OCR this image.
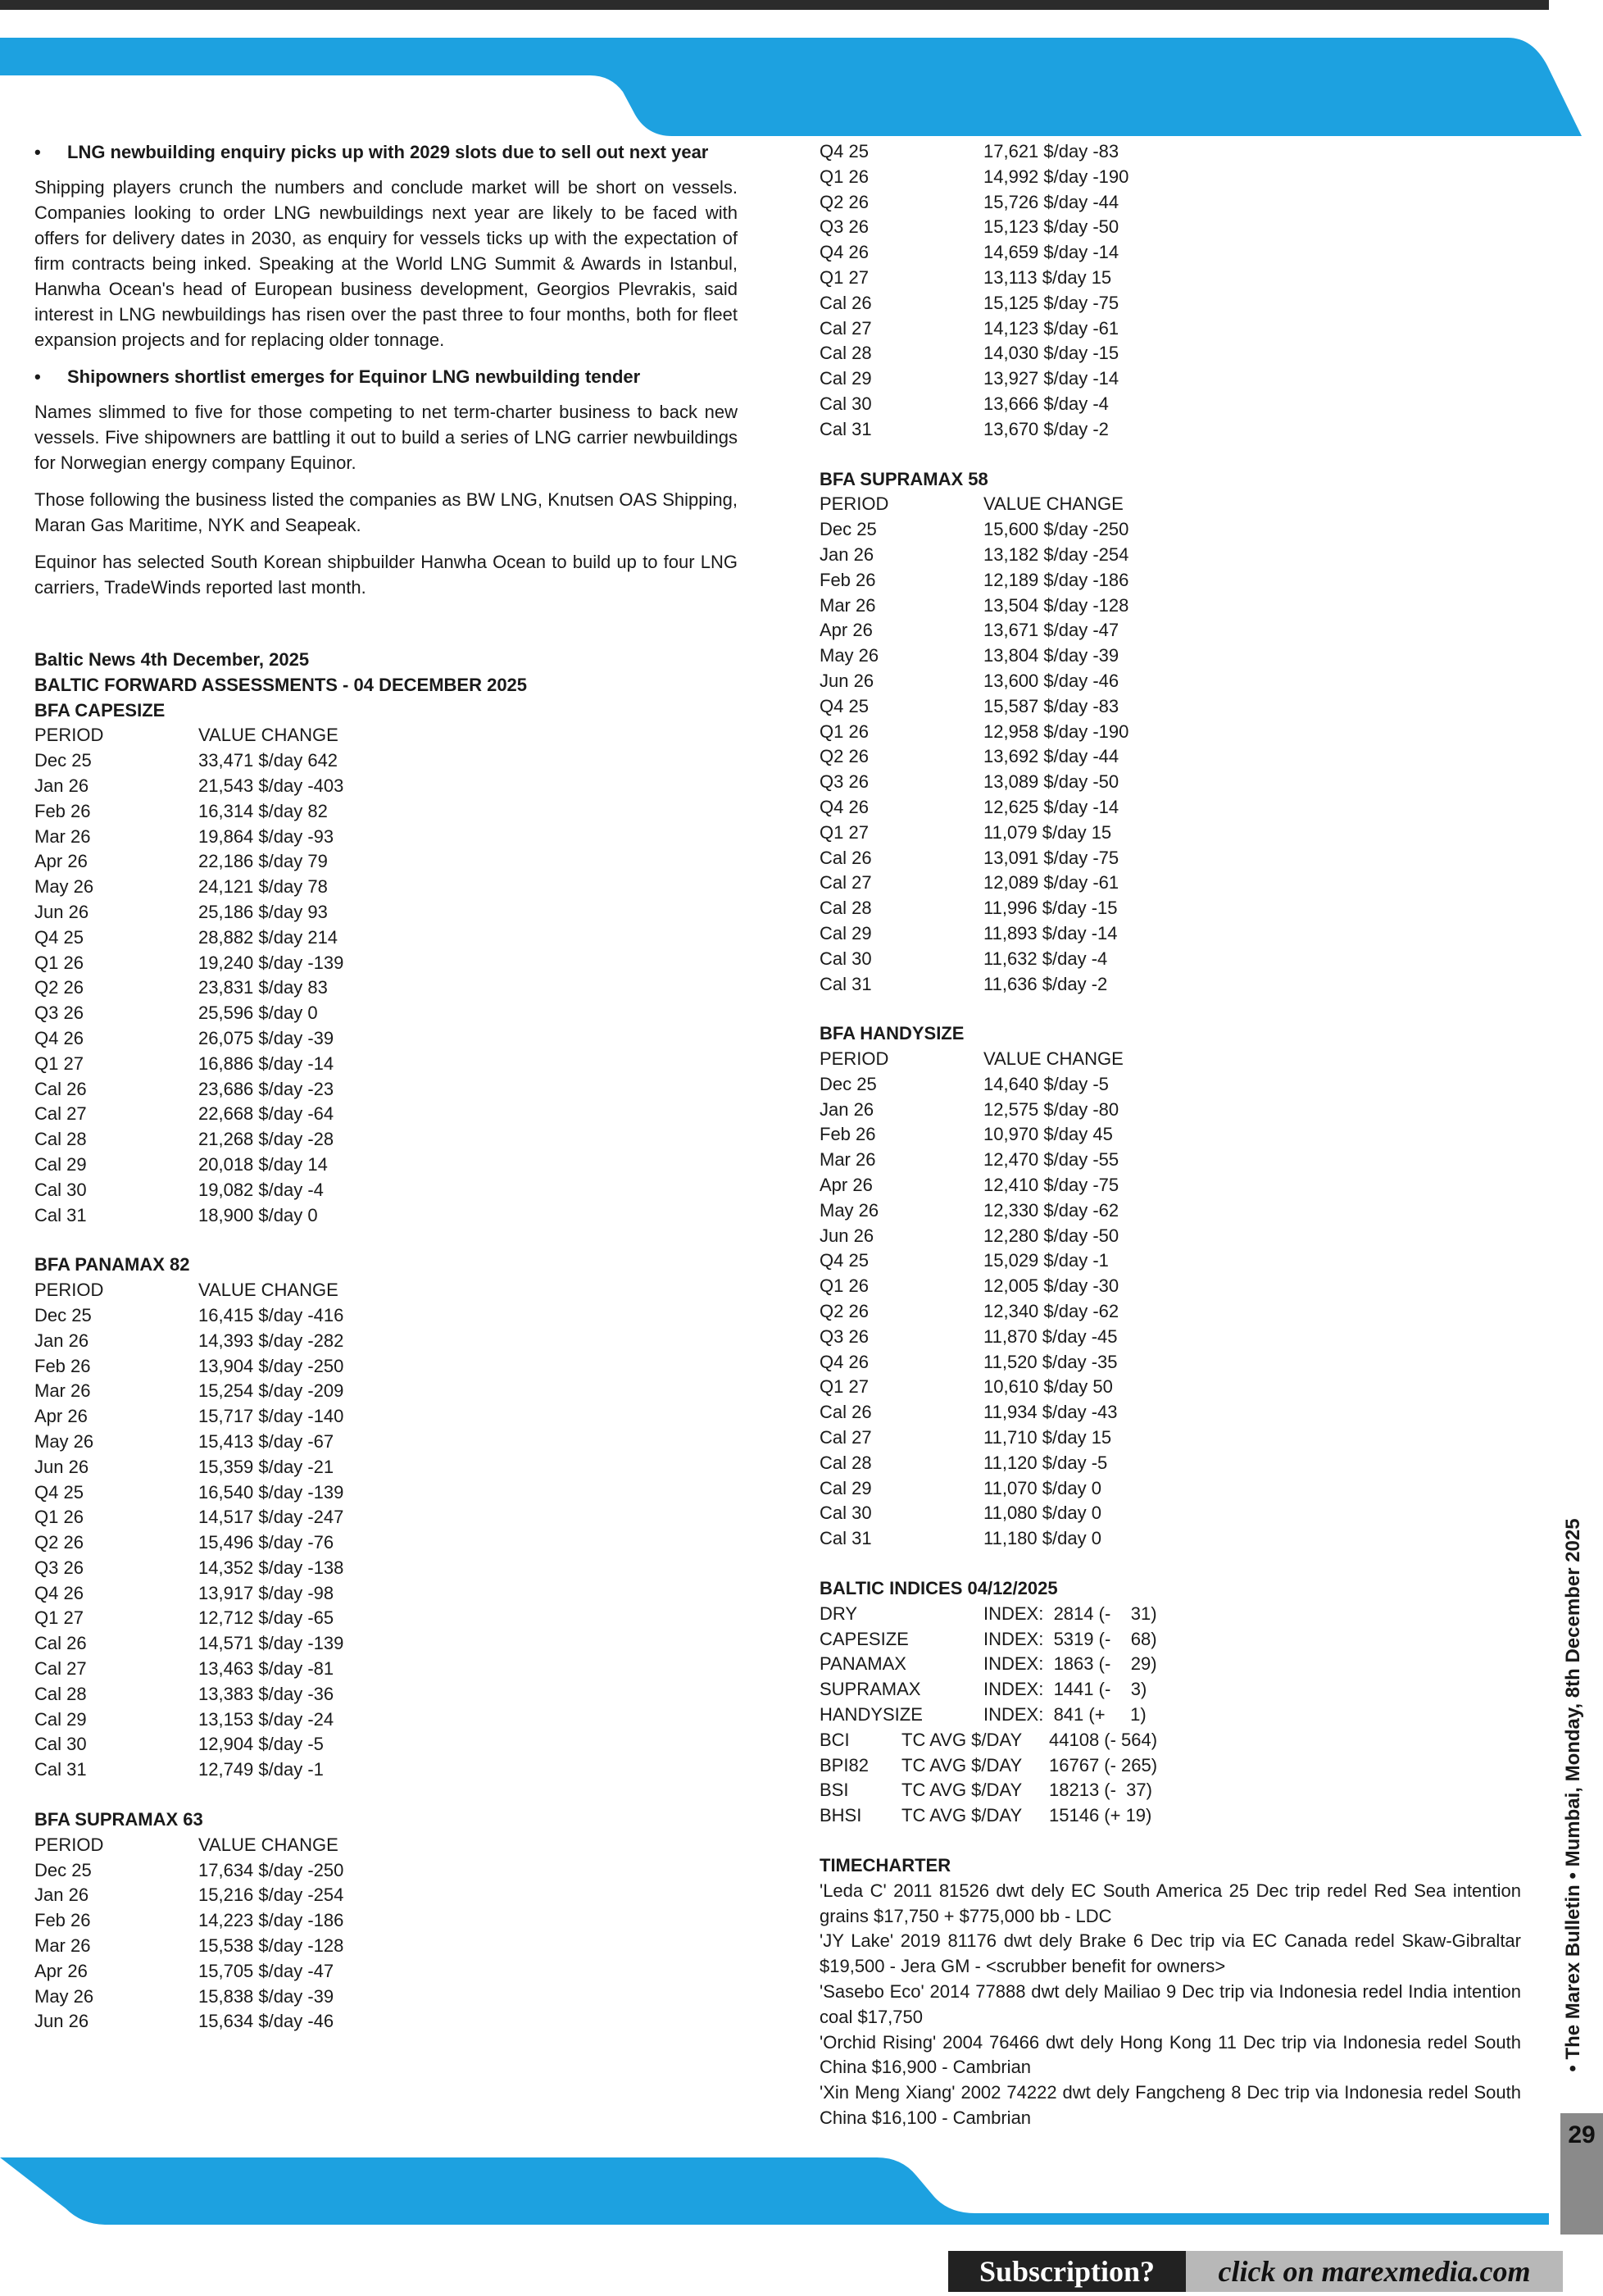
• LNG newbuilding enquiry picks up with 2029 slots due to sell out next year

Shipping players crunch the numbers and conclude market will be short on vessels. Companies looking to order LNG newbuildings next year are likely to be faced with offers for delivery dates in 2030, as enquiry for vessels ticks up with the expectation of firm contracts being inked. Speaking at the World LNG Summit & Awards in Istanbul, Hanwha Ocean's head of European business development, Georgios Plevrakis, said interest in LNG newbuildings has risen over the past three to four months, both for fleet expansion projects and for replacing older tonnage.

• Shipowners shortlist emerges for Equinor LNG newbuilding tender

Names slimmed to five for those competing to net term-charter business to back new vessels. Five shipowners are battling it out to build a series of LNG carrier newbuildings for Norwegian energy company Equinor.

Those following the business listed the companies as BW LNG, Knutsen OAS Shipping, Maran Gas Maritime, NYK and Seapeak.

Equinor has selected South Korean shipbuilder Hanwha Ocean to build up to four LNG carriers, TradeWinds reported last month.

Baltic News 4th December, 2025
BALTIC FORWARD ASSESSMENTS - 04 DECEMBER 2025
BFA CAPESIZE
PERIOD	VALUE CHANGE
Dec 25	33,471 $/day 642
Jan 26	21,543 $/day -403
Feb 26	16,314 $/day 82
Mar 26	19,864 $/day -93
Apr 26	22,186 $/day 79
May 26	24,121 $/day 78
Jun 26	25,186 $/day 93
Q4 25	28,882 $/day 214
Q1 26	19,240 $/day -139
Q2 26	23,831 $/day 83
Q3 26	25,596 $/day 0
Q4 26	26,075 $/day -39
Q1 27	16,886 $/day -14
Cal 26	23,686 $/day -23
Cal 27	22,668 $/day -64
Cal 28	21,268 $/day -28
Cal 29	20,018 $/day 14
Cal 30	19,082 $/day -4
Cal 31	18,900 $/day 0
BFA PANAMAX 82
PERIOD	VALUE CHANGE
Dec 25	16,415 $/day -416
Jan 26	14,393 $/day -282
Feb 26	13,904 $/day -250
Mar 26	15,254 $/day -209
Apr 26	15,717 $/day -140
May 26	15,413 $/day -67
Jun 26	15,359 $/day -21
Q4 25	16,540 $/day -139
Q1 26	14,517 $/day -247
Q2 26	15,496 $/day -76
Q3 26	14,352 $/day -138
Q4 26	13,917 $/day -98
Q1 27	12,712 $/day -65
Cal 26	14,571 $/day -139
Cal 27	13,463 $/day -81
Cal 28	13,383 $/day -36
Cal 29	13,153 $/day -24
Cal 30	12,904 $/day -5
Cal 31	12,749 $/day -1
BFA SUPRAMAX 63
PERIOD	VALUE CHANGE
Dec 25	17,634 $/day -250
Jan 26	15,216 $/day -254
Feb 26	14,223 $/day -186
Mar 26	15,538 $/day -128
Apr 26	15,705 $/day -47
May 26	15,838 $/day -39
Jun 26	15,634 $/day -46
Q4 25	17,621 $/day -83
Q1 26	14,992 $/day -190
Q2 26	15,726 $/day -44
Q3 26	15,123 $/day -50
Q4 26	14,659 $/day -14
Q1 27	13,113 $/day 15
Cal 26	15,125 $/day -75
Cal 27	14,123 $/day -61
Cal 28	14,030 $/day -15
Cal 29	13,927 $/day -14
Cal 30	13,666 $/day -4
Cal 31	13,670 $/day -2
BFA SUPRAMAX 58
PERIOD	VALUE CHANGE
Dec 25	15,600 $/day -250
Jan 26	13,182 $/day -254
Feb 26	12,189 $/day -186
Mar 26	13,504 $/day -128
Apr 26	13,671 $/day -47
May 26	13,804 $/day -39
Jun 26	13,600 $/day -46
Q4 25	15,587 $/day -83
Q1 26	12,958 $/day -190
Q2 26	13,692 $/day -44
Q3 26	13,089 $/day -50
Q4 26	12,625 $/day -14
Q1 27	11,079 $/day 15
Cal 26	13,091 $/day -75
Cal 27	12,089 $/day -61
Cal 28	11,996 $/day -15
Cal 29	11,893 $/day -14
Cal 30	11,632 $/day -4
Cal 31	11,636 $/day -2
BFA HANDYSIZE
PERIOD	VALUE CHANGE
Dec 25	14,640 $/day -5
Jan 26	12,575 $/day -80
Feb 26	10,970 $/day 45
Mar 26	12,470 $/day -55
Apr 26	12,410 $/day -75
May 26	12,330 $/day -62
Jun 26	12,280 $/day -50
Q4 25	15,029 $/day -1
Q1 26	12,005 $/day -30
Q2 26	12,340 $/day -62
Q3 26	11,870 $/day -45
Q4 26	11,520 $/day -35
Q1 27	10,610 $/day 50
Cal 26	11,934 $/day -43
Cal 27	11,710 $/day 15
Cal 28	11,120 $/day -5
Cal 29	11,070 $/day 0
Cal 30	11,080 $/day 0
Cal 31	11,180 $/day 0
BALTIC INDICES 04/12/2025
DRY	INDEX:  2814 (-    31)
CAPESIZE	INDEX:  5319 (-    68)
PANAMAX	INDEX:  1863 (-    29)
SUPRAMAX	INDEX:  1441 (-    3)
HANDYSIZE	INDEX:  841 (+     1)
BCI	TC AVG $/DAY 44108 (- 564)
BPI82 TC AVG $/DAY 16767 (- 265)
BSI	TC AVG $/DAY 18213 (-  37)
BHSI TC AVG $/DAY 15146 (+ 19)
TIMECHARTER
'Leda C' 2011 81526 dwt dely EC South America 25 Dec trip redel Red Sea intention grains $17,750 + $775,000 bb - LDC
'JY Lake' 2019 81176 dwt dely Brake 6 Dec trip via EC Canada redel Skaw-Gibraltar $19,500 - Jera GM - <scrubber benefit for owners>
'Sasebo Eco' 2014 77888 dwt dely Mailiao 9 Dec trip via Indonesia redel India intention coal $17,750
'Orchid Rising' 2004 76466 dwt dely Hong Kong 11 Dec trip via Indonesia redel South China $16,900 - Cambrian
'Xin Meng Xiang' 2002 74222 dwt dely Fangcheng 8 Dec trip via Indonesia redel South China $16,100 - Cambrian
• The Marex Bulletin • Mumbai, Monday, 8th December 2025
29
Subscription?	click on marexmedia.com
